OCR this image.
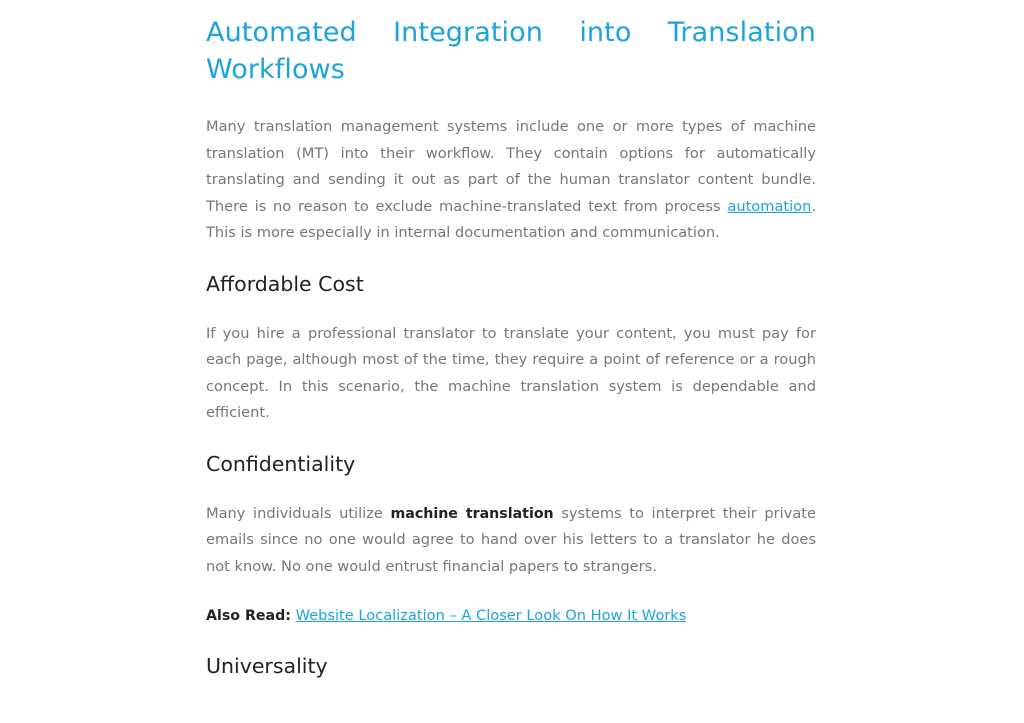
Automated Integration into Translation
Workflows

Many translation management systems include one or more types of machine translation (MT) into their workflow. They contain options for automatically translating and sending it out as part of the human translator content bundle. There is no reason to exclude machine-translated text from process automation. This is more especially in internal documentation and communication.

Affordable Cost

If you hire a professional translator to translate your content, you must pay for each page, although most of the time, they require a point of reference or a rough concept. In this scenario, the machine translation system is dependable and efficient.

Confidentiality

Many individuals utilize machine translation systems to interpret their private emails since no one would agree to hand over his letters to a translator he does not know. No one would entrust financial papers to strangers.

Also Read: Website Localization – A Closer Look On How It Works

Universality
